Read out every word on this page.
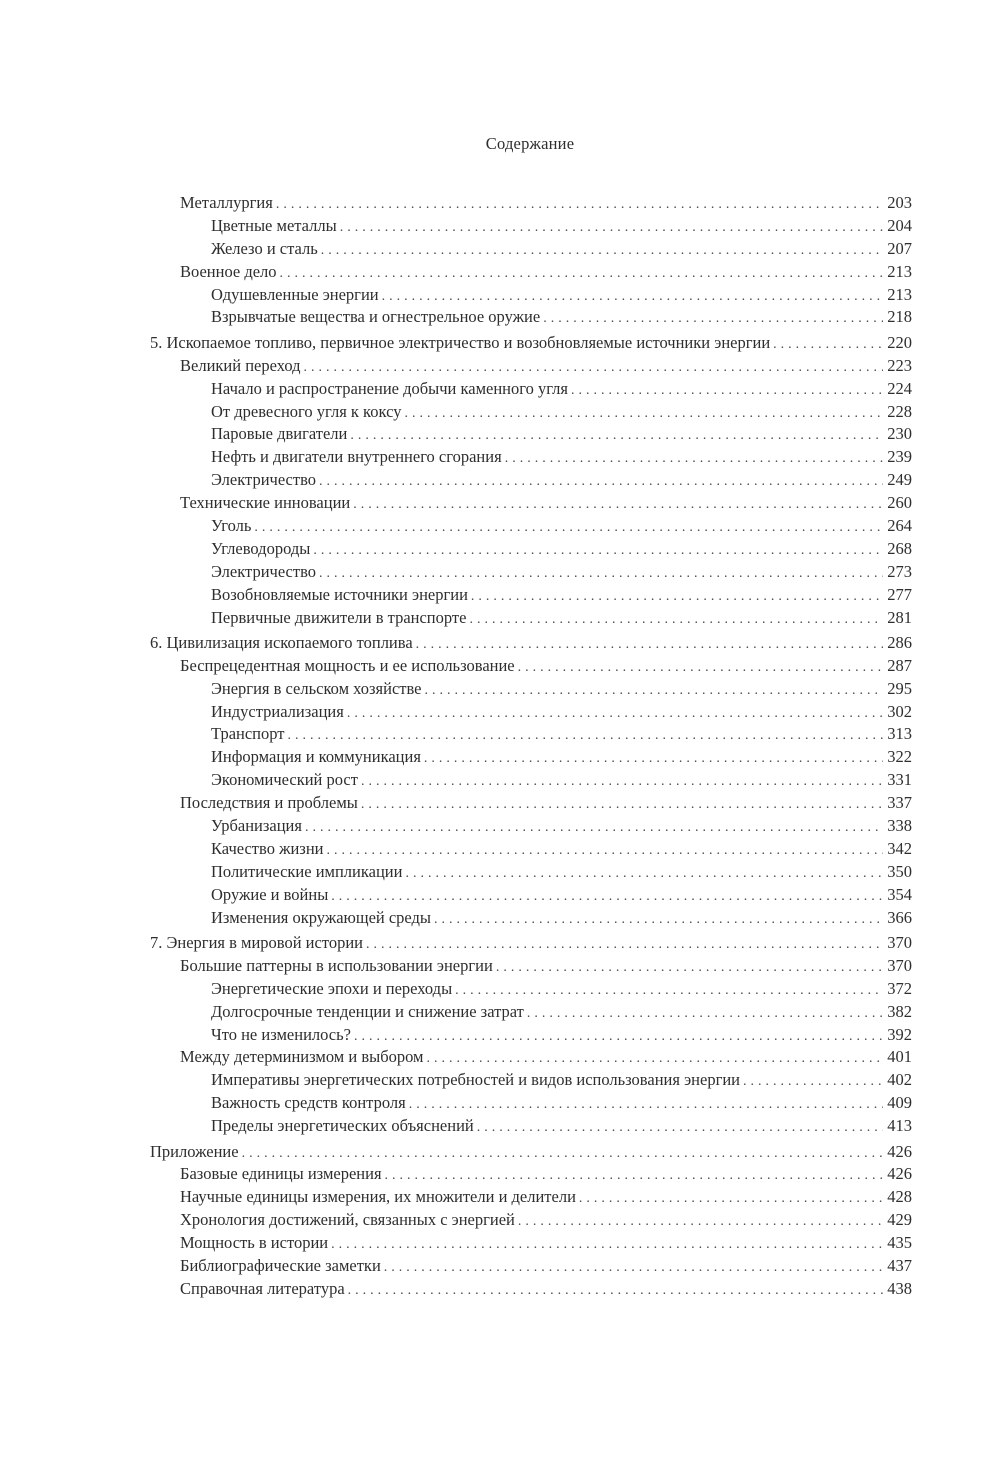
Содержание
Металлургия . . .	203
Цветные металлы . . .	204
Железо и сталь . . .	207
Военное дело . . .	213
Одушевленные энергии . . .	213
Взрывчатые вещества и огнестрельное оружие . . .	218
5. Ископаемое топливо, первичное электричество и возобновляемые источники энергии . . .	220
Великий переход . . .	223
Начало и распространение добычи каменного угля . . .	224
От древесного угля к коксу . . .	228
Паровые двигатели . . .	230
Нефть и двигатели внутреннего сгорания . . .	239
Электричество . . .	249
Технические инновации . . .	260
Уголь . . .	264
Углеводороды . . .	268
Электричество . . .	273
Возобновляемые источники энергии . . .	277
Первичные движители в транспорте . . .	281
6. Цивилизация ископаемого топлива . . .	286
Беспрецедентная мощность и ее использование . . .	287
Энергия в сельском хозяйстве . . .	295
Индустриализация . . .	302
Транспорт . . .	313
Информация и коммуникация . . .	322
Экономический рост . . .	331
Последствия и проблемы . . .	337
Урбанизация . . .	338
Качество жизни . . .	342
Политические импликации . . .	350
Оружие и войны . . .	354
Изменения окружающей среды . . .	366
7. Энергия в мировой истории . . .	370
Большие паттерны в использовании энергии . . .	370
Энергетические эпохи и переходы . . .	372
Долгосрочные тенденции и снижение затрат . . .	382
Что не изменилось? . . .	392
Между детерминизмом и выбором . . .	401
Императивы энергетических потребностей и видов использования энергии . . .	402
Важность средств контроля . . .	409
Пределы энергетических объяснений . . .	413
Приложение . . .	426
Базовые единицы измерения . . .	426
Научные единицы измерения, их множители и делители . . .	428
Хронология достижений, связанных с энергией . . .	429
Мощность в истории . . .	435
Библиографические заметки . . .	437
Справочная литература . . .	438
